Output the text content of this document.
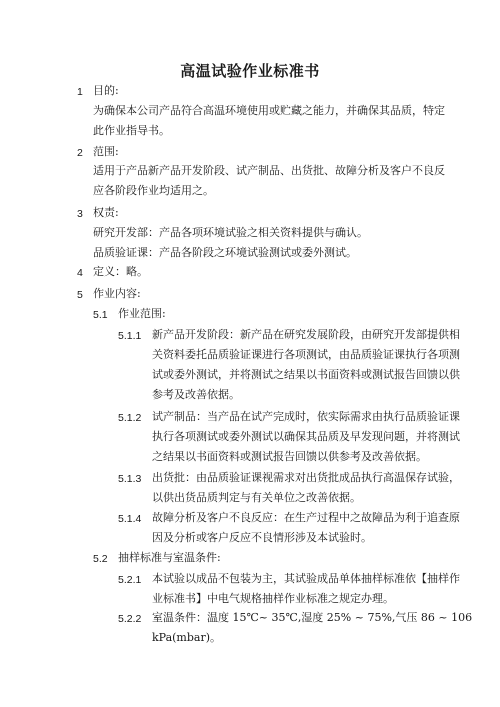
高温试验作业标准书
1 目的:
为确保本公司产品符合高温环境使用或贮藏之能力，并确保其品质，特定
此作业指导书。
2 范围:
适用于产品新产品开发阶段、试产制品、出货批、故障分析及客户不良反
应各阶段作业均适用之。
3 权责:
研究开发部：产品各项环境试验之相关资料提供与确认。
品质验证课：产品各阶段之环境试验测试或委外测试。
4 定义：略。
5 作业内容:
5.1 作业范围:
5.1.1 新产品开发阶段：新产品在研究发展阶段，由研究开发部提供相
关资料委托品质验证课进行各项测试，由品质验证课执行各项测
试或委外测试，并将测试之结果以书面资料或测试报告回馈以供
参考及改善依据。
5.1.2 试产制品：当产品在试产完成时，依实际需求由执行品质验证课
执行各项测试或委外测试以确保其品质及早发现问题，并将测试
之结果以书面资料或测试报告回馈以供参考及改善依据。
5.1.3 出货批：由品质验证课视需求对出货批成品执行高温保存试验，
以供出货品质判定与有关单位之改善依据。
5.1.4 故障分析及客户不良反应：在生产过程中之故障品为利于追查原
因及分析或客户反应不良情形涉及本试验时。
5.2 抽样标准与室温条件:
5.2.1 本试验以成品不包装为主，其试验成品单体抽样标准依【抽样作
业标准书】中电气规格抽样作业标准之规定办理。
5.2.2 室温条件：温度 15℃~ 35℃,湿度 25% ~ 75%,气压 86 ~ 106
kPa(mbar)。
